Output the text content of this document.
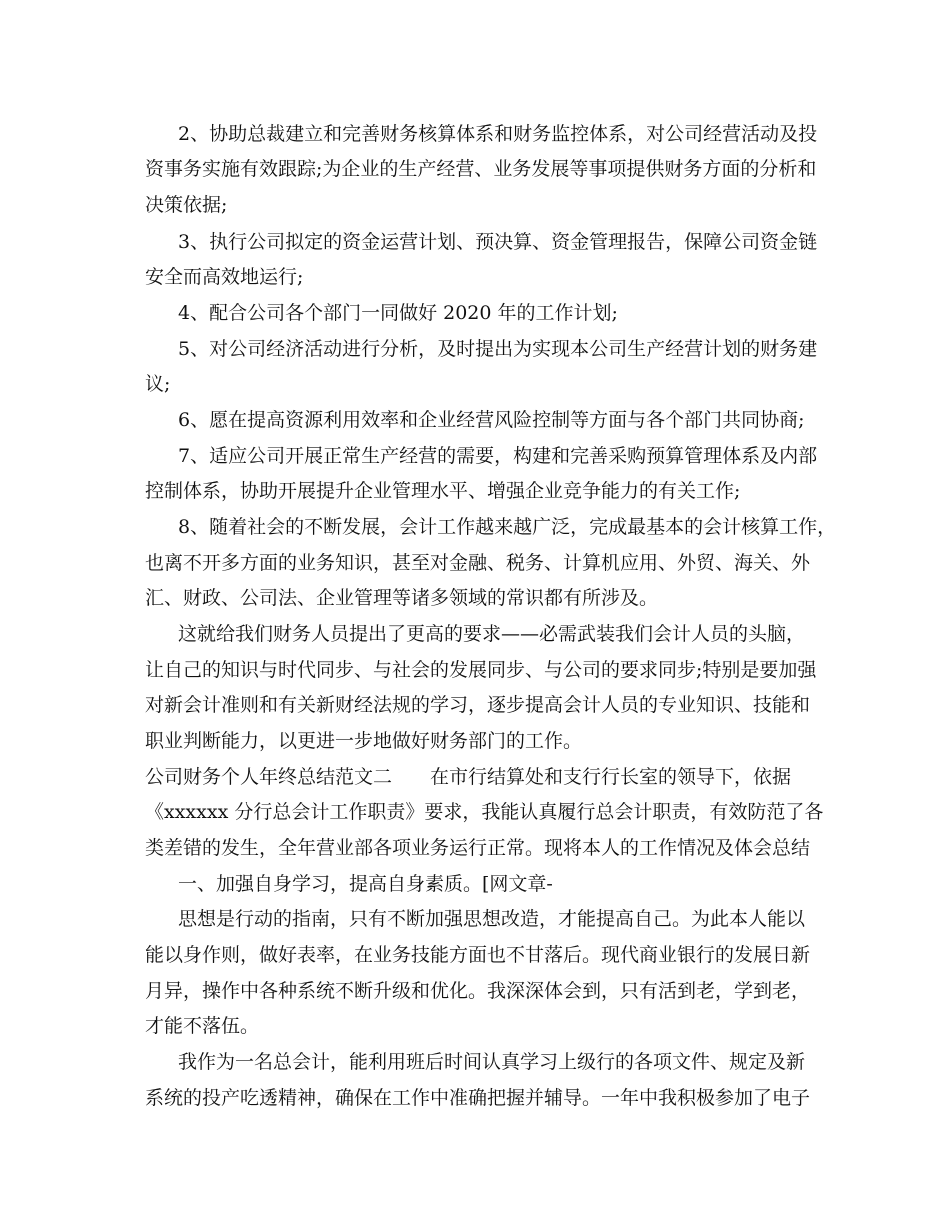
2、协助总裁建立和完善财务核算体系和财务监控体系，对公司经营活动及投

资事务实施有效跟踪;为企业的生产经营、业务发展等事项提供财务方面的分析和

决策依据;

3、执行公司拟定的资金运营计划、预决算、资金管理报告，保障公司资金链

安全而高效地运行;

4、配合公司各个部门一同做好 2020 年的工作计划;

5、对公司经济活动进行分析，及时提出为实现本公司生产经营计划的财务建

议;

6、愿在提高资源利用效率和企业经营风险控制等方面与各个部门共同协商;

7、适应公司开展正常生产经营的需要，构建和完善采购预算管理体系及内部

控制体系，协助开展提升企业管理水平、增强企业竞争能力的有关工作;

8、随着社会的不断发展，会计工作越来越广泛，完成最基本的会计核算工作，

也离不开多方面的业务知识，甚至对金融、税务、计算机应用、外贸、海关、外

汇、财政、公司法、企业管理等诸多领域的常识都有所涉及。

这就给我们财务人员提出了更高的要求——必需武装我们会计人员的头脑，

让自己的知识与时代同步、与社会的发展同步、与公司的要求同步;特别是要加强

对新会计准则和有关新财经法规的学习，逐步提高会计人员的专业知识、技能和

职业判断能力，以更进一步地做好财务部门的工作。

公司财务个人年终总结范文二　　在市行结算处和支行行长室的领导下，依据

《xxxxxx 分行总会计工作职责》要求，我能认真履行总会计职责，有效防范了各

类差错的发生，全年营业部各项业务运行正常。现将本人的工作情况及体会总结

一、加强自身学习，提高自身素质。[网文章-

思想是行动的指南，只有不断加强思想改造，才能提高自己。为此本人能以

能以身作则，做好表率，在业务技能方面也不甘落后。现代商业银行的发展日新

月异，操作中各种系统不断升级和优化。我深深体会到，只有活到老，学到老，

才能不落伍。

我作为一名总会计，能利用班后时间认真学习上级行的各项文件、规定及新

系统的投产吃透精神，确保在工作中准确把握并辅导。一年中我积极参加了电子
